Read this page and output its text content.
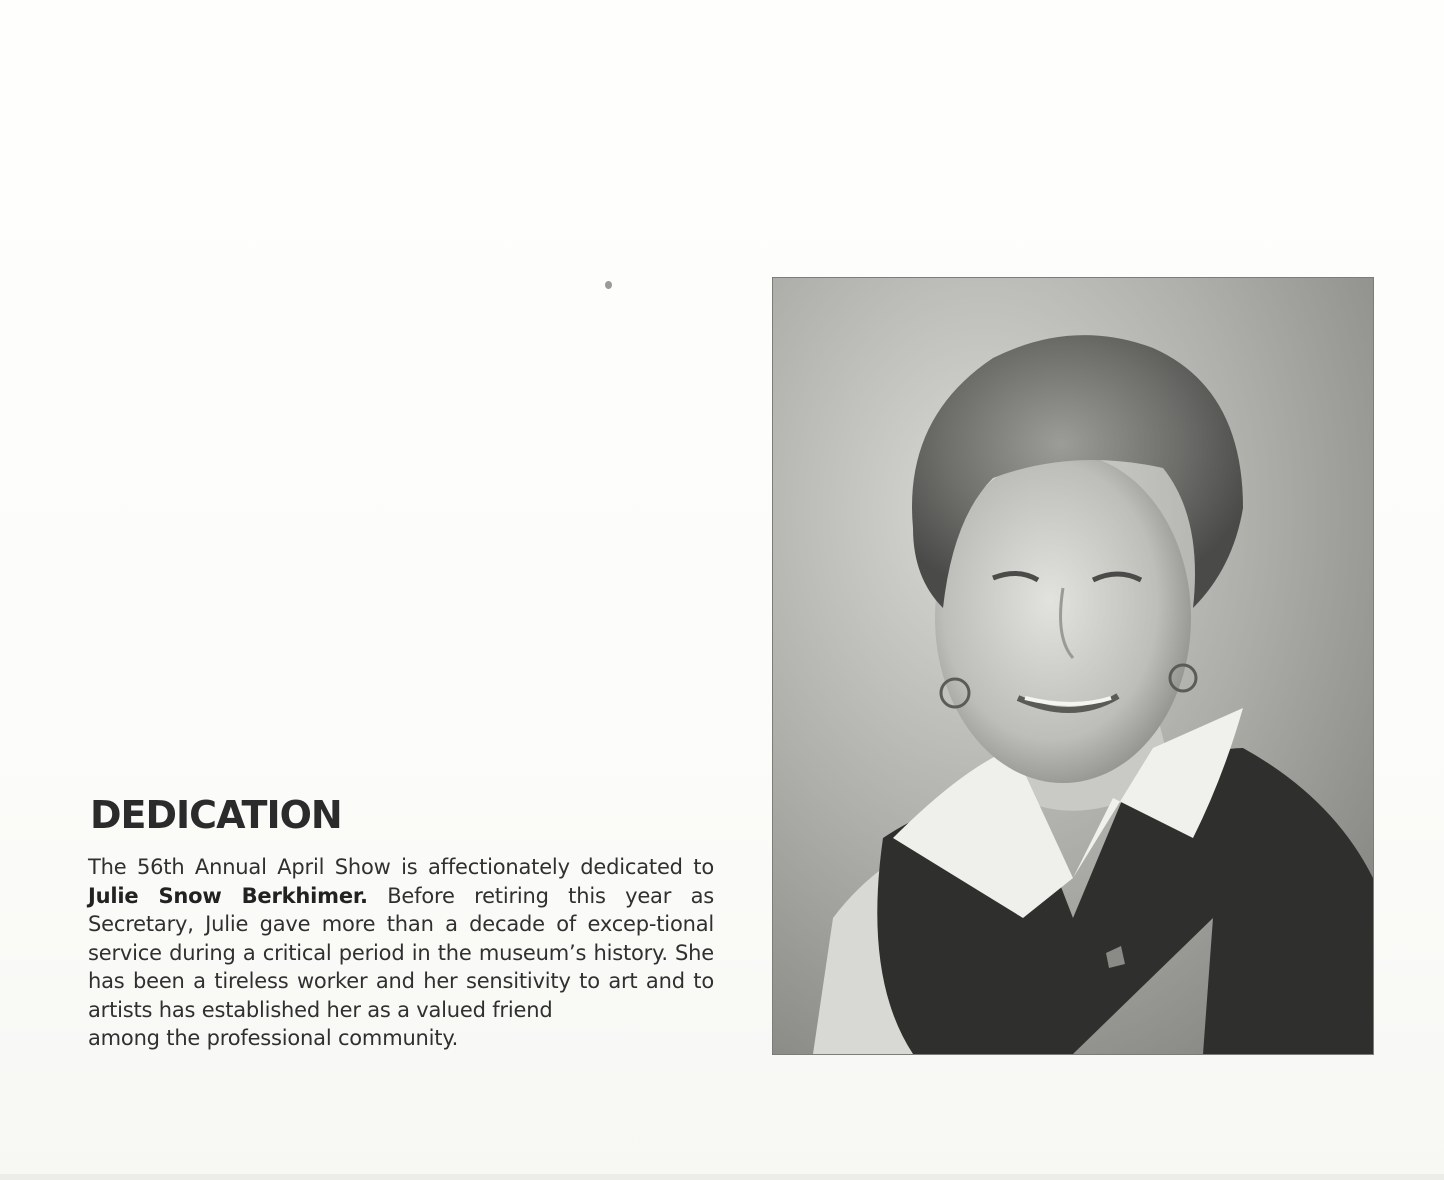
DEDICATION

The 56th Annual April Show is affectionately dedicated to Julie Snow Berkhimer. Before retiring this year as Secretary, Julie gave more than a decade of excep-tional service during a critical period in the museum’s history. She has been a tireless worker and her sensitivity to art and to artists has established her as a valued friend
among the professional community.
